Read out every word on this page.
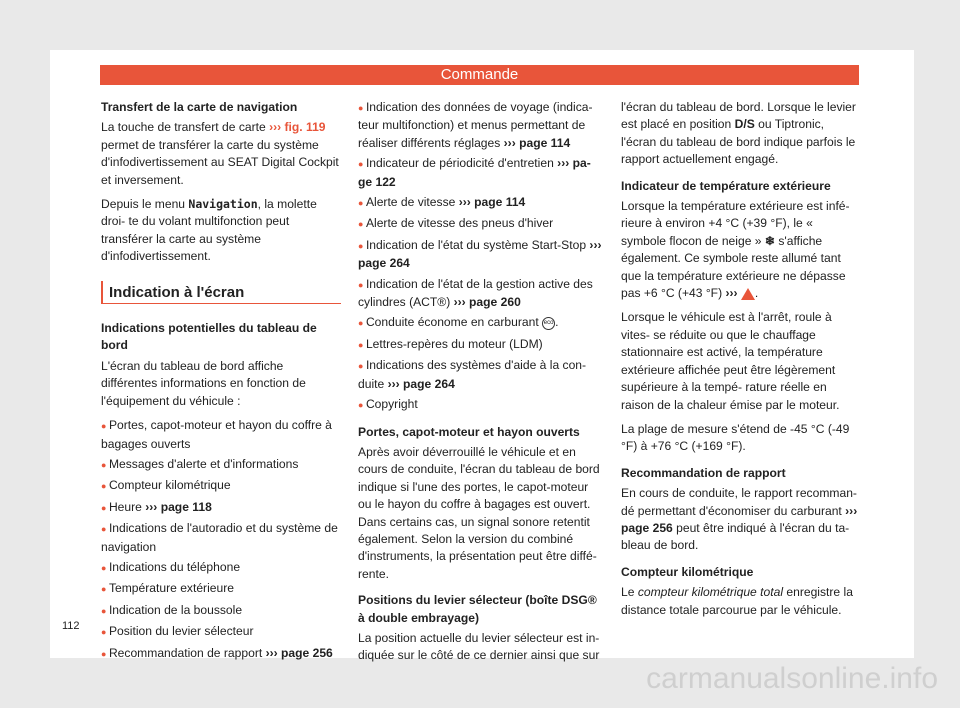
Commande

Transfert de la carte de navigation

La touche de transfert de carte ››› fig. 119 permet de transférer la carte du système d'infodivertissement au SEAT Digital Cockpit et inversement.

Depuis le menu Navigation, la molette droi- te du volant multifonction peut transférer la carte au système d'infodivertissement.

Indication à l'écran

Indications potentielles du tableau de bord

L'écran du tableau de bord affiche différentes informations en fonction de l'équipement du véhicule :

● Portes, capot-moteur et hayon du coffre à bagages ouverts

● Messages d'alerte et d'informations

● Compteur kilométrique

● Heure ››› page 118

● Indications de l'autoradio et du système de navigation

● Indications du téléphone

● Température extérieure

● Indication de la boussole

● Position du levier sélecteur

● Recommandation de rapport ››› page 256

● Indication des données de voyage (indica- teur multifonction) et menus permettant de réaliser différents réglages ››› page 114

● Indicateur de périodicité d'entretien ››› pa- ge 122

● Alerte de vitesse ››› page 114

● Alerte de vitesse des pneus d'hiver

● Indication de l'état du système Start-Stop ››› page 264

● Indication de l'état de la gestion active des cylindres (ACT®) ››› page 260

● Conduite économe en carburant eco .

● Lettres-repères du moteur (LDM)

● Indications des systèmes d'aide à la con- duite ››› page 264

● Copyright

Portes, capot-moteur et hayon ouverts

Après avoir déverrouillé le véhicule et en cours de conduite, l'écran du tableau de bord indique si l'une des portes, le capot-moteur ou le hayon du coffre à bagages est ouvert. Dans certains cas, un signal sonore retentit également. Selon la version du combiné d'instruments, la présentation peut être diffé- rente.

Positions du levier sélecteur (boîte DSG® à double embrayage)

La position actuelle du levier sélecteur est in- diquée sur le côté de ce dernier ainsi que sur

l'écran du tableau de bord. Lorsque le levier est placé en position D/S ou Tiptronic, l'écran du tableau de bord indique parfois le rapport actuellement engagé.

Indicateur de température extérieure

Lorsque la température extérieure est infé- rieure à environ +4 °C (+39 °F), le « symbole flocon de neige » ❄ s'affiche également. Ce symbole reste allumé tant que la température extérieure ne dépasse pas +6 °C (+43 °F) ››› .

Lorsque le véhicule est à l'arrêt, roule à vites- se réduite ou que le chauffage stationnaire est activé, la température extérieure affichée peut être légèrement supérieure à la tempé- rature réelle en raison de la chaleur émise par le moteur.

La plage de mesure s'étend de -45 °C (-49 °F) à +76 °C (+169 °F).

Recommandation de rapport

En cours de conduite, le rapport recomman- dé permettant d'économiser du carburant ››› page 256 peut être indiqué à l'écran du ta- bleau de bord.

Compteur kilométrique

Le compteur kilométrique total enregistre la distance totale parcourue par le véhicule.

112
carmanualsonline.info
